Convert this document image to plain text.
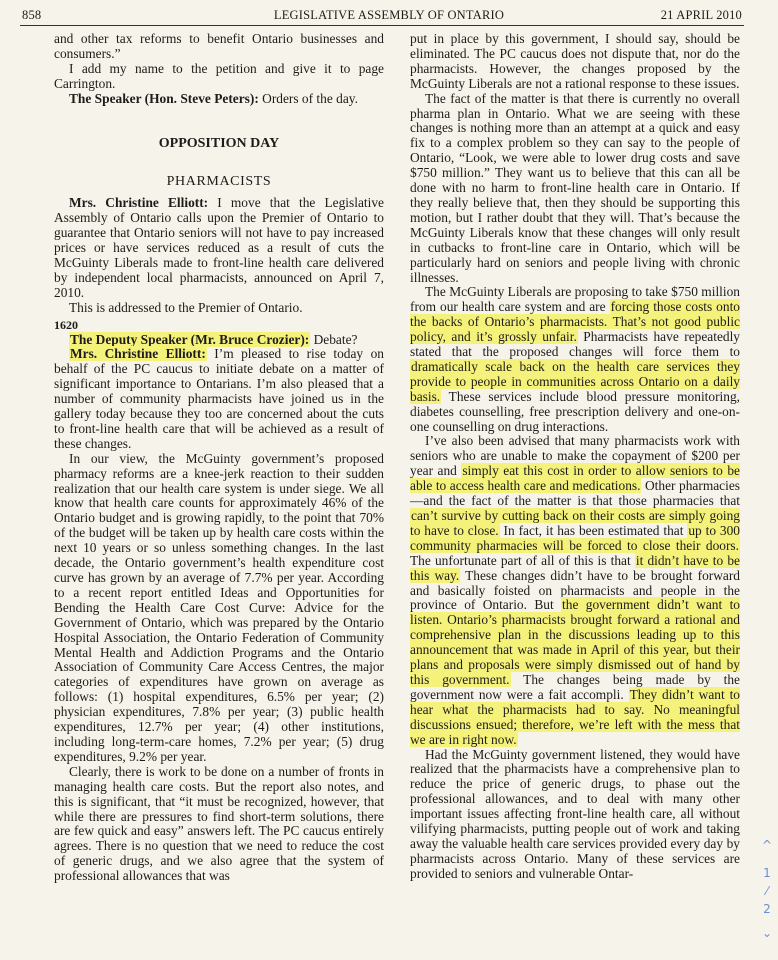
858	LEGISLATIVE ASSEMBLY OF ONTARIO	21 APRIL 2010

and other tax reforms to benefit Ontario businesses and consumers.”

I add my name to the petition and give it to page Carrington.

The Speaker (Hon. Steve Peters): Orders of the day.

OPPOSITION DAY

PHARMACISTS

Mrs. Christine Elliott: I move that the Legislative Assembly of Ontario calls upon the Premier of Ontario to guarantee that Ontario seniors will not have to pay increased prices or have services reduced as a result of cuts the McGuinty Liberals made to front-line health care delivered by independent local pharmacists, announced on April 7, 2010.

This is addressed to the Premier of Ontario.

1620

The Deputy Speaker (Mr. Bruce Crozier): Debate?

Mrs. Christine Elliott: I’m pleased to rise today on behalf of the PC caucus to initiate debate on a matter of significant importance to Ontarians. I’m also pleased that a number of community pharmacists have joined us in the gallery today because they too are concerned about the cuts to front-line health care that will be achieved as a result of these changes.

In our view, the McGuinty government’s proposed pharmacy reforms are a knee-jerk reaction to their sudden realization that our health care system is under siege. We all know that health care counts for approximately 46% of the Ontario budget and is growing rapidly, to the point that 70% of the budget will be taken up by health care costs within the next 10 years or so unless something changes. In the last decade, the Ontario government’s health expenditure cost curve has grown by an average of 7.7% per year. According to a recent report entitled Ideas and Opportunities for Bending the Health Care Cost Curve: Advice for the Government of Ontario, which was prepared by the Ontario Hospital Association, the Ontario Federation of Community Mental Health and Addiction Programs and the Ontario Association of Community Care Access Centres, the major categories of expenditures have grown on average as follows: (1) hospital expenditures, 6.5% per year; (2) physician expenditures, 7.8% per year; (3) public health expenditures, 12.7% per year; (4) other institutions, including long-term-care homes, 7.2% per year; (5) drug expenditures, 9.2% per year.

Clearly, there is work to be done on a number of fronts in managing health care costs. But the report also notes, and this is significant, that “it must be recognized, however, that while there are pressures to find short-term solutions, there are few quick and easy” answers left. The PC caucus entirely agrees. There is no question that we need to reduce the cost of generic drugs, and we also agree that the system of professional allowances that was

put in place by this government, I should say, should be eliminated. The PC caucus does not dispute that, nor do the pharmacists. However, the changes proposed by the McGuinty Liberals are not a rational response to these issues.

The fact of the matter is that there is currently no overall pharma plan in Ontario. What we are seeing with these changes is nothing more than an attempt at a quick and easy fix to a complex problem so they can say to the people of Ontario, “Look, we were able to lower drug costs and save $750 million.” They want us to believe that this can all be done with no harm to front-line health care in Ontario. If they really believe that, then they should be supporting this motion, but I rather doubt that they will. That’s because the McGuinty Liberals know that these changes will only result in cutbacks to front-line care in Ontario, which will be particularly hard on seniors and people living with chronic illnesses.

The McGuinty Liberals are proposing to take $750 million from our health care system and are forcing those costs onto the backs of Ontario’s pharmacists. That’s not good public policy, and it’s grossly unfair. Pharmacists have repeatedly stated that the proposed changes will force them to dramatically scale back on the health care services they provide to people in communities across Ontario on a daily basis. These services include blood pressure monitoring, diabetes counselling, free prescription delivery and one-on-one counselling on drug interactions.

I’ve also been advised that many pharmacists work with seniors who are unable to make the copayment of $200 per year and simply eat this cost in order to allow seniors to be able to access health care and medications. Other pharmacies—and the fact of the matter is that those pharmacies that can’t survive by cutting back on their costs are simply going to have to close. In fact, it has been estimated that up to 300 community pharmacies will be forced to close their doors. The unfortunate part of all of this is that it didn’t have to be this way. These changes didn’t have to be brought forward and basically foisted on pharmacists and people in the province of Ontario. But the government didn’t want to listen. Ontario’s pharmacists brought forward a rational and comprehensive plan in the discussions leading up to this announcement that was made in April of this year, but their plans and proposals were simply dismissed out of hand by this government. The changes being made by the government now were a fait accompli. They didn’t want to hear what the pharmacists had to say. No meaningful discussions ensued; therefore, we’re left with the mess that we are in right now.

Had the McGuinty government listened, they would have realized that the pharmacists have a comprehensive plan to reduce the price of generic drugs, to phase out the professional allowances, and to deal with many other important issues affecting front-line health care, all without vilifying pharmacists, putting people out of work and taking away the valuable health care services provided every day by pharmacists across Ontario. Many of these services are provided to seniors and vulnerable Ontar-

^
1
⁄
2
⌄
